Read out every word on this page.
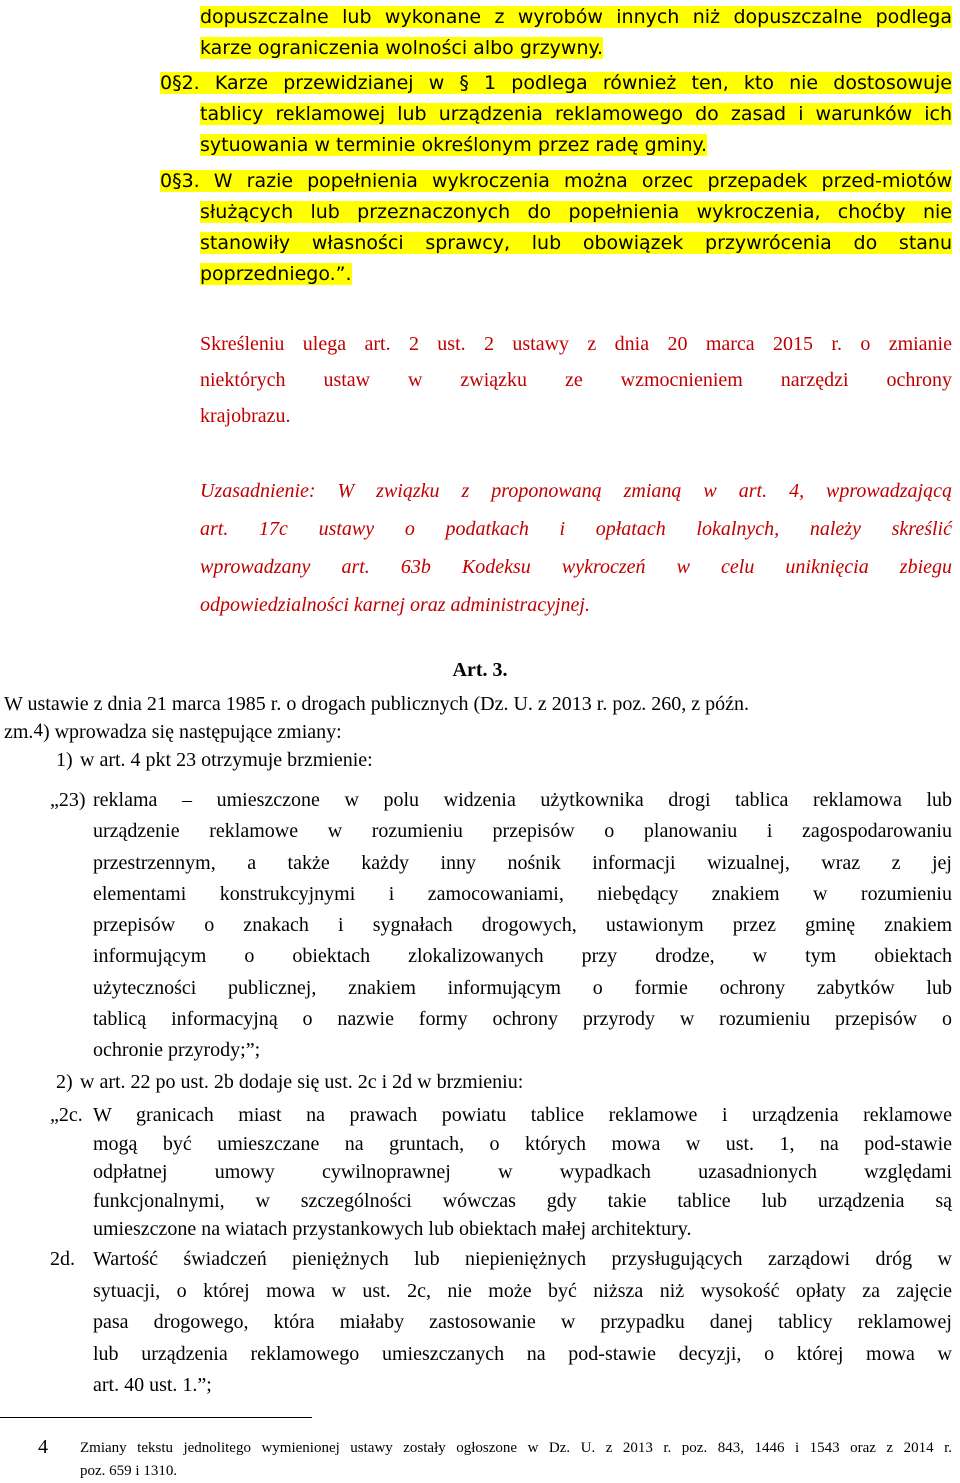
dopuszczalne lub wykonane z wyrobów innych niż dopuszczalne podlega
karze ograniczenia wolności albo grzywny.
0§2. Karze przewidzianej w § 1 podlega również ten, kto nie dostosowuje
tablicy reklamowej lub urządzenia reklamowego do zasad i warunków ich
sytuowania w terminie określonym przez radę gminy.
0§3. W razie popełnienia wykroczenia można orzec przepadek przed-miotów
służących lub przeznaczonych do popełnienia wykroczenia, choćby nie
stanowiły własności sprawcy, lub obowiązek przywrócenia do stanu
poprzedniego.”.
Skreśleniu ulega art. 2 ust. 2 ustawy z dnia 20 marca 2015 r. o zmianie
niektórych ustaw w związku ze wzmocnieniem narzędzi ochrony
krajobrazu.
Uzasadnienie: W związku z proponowaną zmianą w art. 4, wprowadzającą
art. 17c ustawy o podatkach i opłatach lokalnych, należy skreślić
wprowadzany art. 63b Kodeksu wykroczeń w celu uniknięcia zbiegu
odpowiedzialności karnej oraz administracyjnej.
Art. 3.
W ustawie z dnia 21 marca 1985 r. o drogach publicznych (Dz. U. z 2013 r. poz. 260, z późn.
zm.4) wprowadza się następujące zmiany:
1) w art. 4 pkt 23 otrzymuje brzmienie:
„23) reklama – umieszczone w polu widzenia użytkownika drogi tablica reklamowa lub
urządzenie reklamowe w rozumieniu przepisów o planowaniu i zagospodarowaniu
przestrzennym, a także każdy inny nośnik informacji wizualnej, wraz z jej
elementami konstrukcyjnymi i zamocowaniami, niebędący znakiem w rozumieniu
przepisów o znakach i sygnałach drogowych, ustawionym przez gminę znakiem
informującym o obiektach zlokalizowanych przy drodze, w tym obiektach
użyteczności publicznej, znakiem informującym o formie ochrony zabytków lub
tablicą informacyjną o nazwie formy ochrony przyrody w rozumieniu przepisów o
ochronie przyrody;”;
2) w art. 22 po ust. 2b dodaje się ust. 2c i 2d w brzmieniu:
„2c. W granicach miast na prawach powiatu tablice reklamowe i urządzenia reklamowe
mogą być umieszczane na gruntach, o których mowa w ust. 1, na pod-stawie
odpłatnej umowy cywilnoprawnej w wypadkach uzasadnionych względami
funkcjonalnymi, w szczególności wówczas gdy takie tablice lub urządzenia są
umieszczone na wiatach przystankowych lub obiektach małej architektury.
2d. Wartość świadczeń pieniężnych lub niepieniężnych przysługujących zarządowi dróg w
sytuacji, o której mowa w ust. 2c, nie może być niższa niż wysokość opłaty za zajęcie
pasa drogowego, która miałaby zastosowanie w przypadku danej tablicy reklamowej
lub urządzenia reklamowego umieszczanych na pod-stawie decyzji, o której mowa w
art. 40 ust. 1.”;
4 Zmiany tekstu jednolitego wymienionej ustawy zostały ogłoszone w Dz. U. z 2013 r. poz. 843, 1446 i 1543 oraz z 2014 r.
poz. 659 i 1310.
